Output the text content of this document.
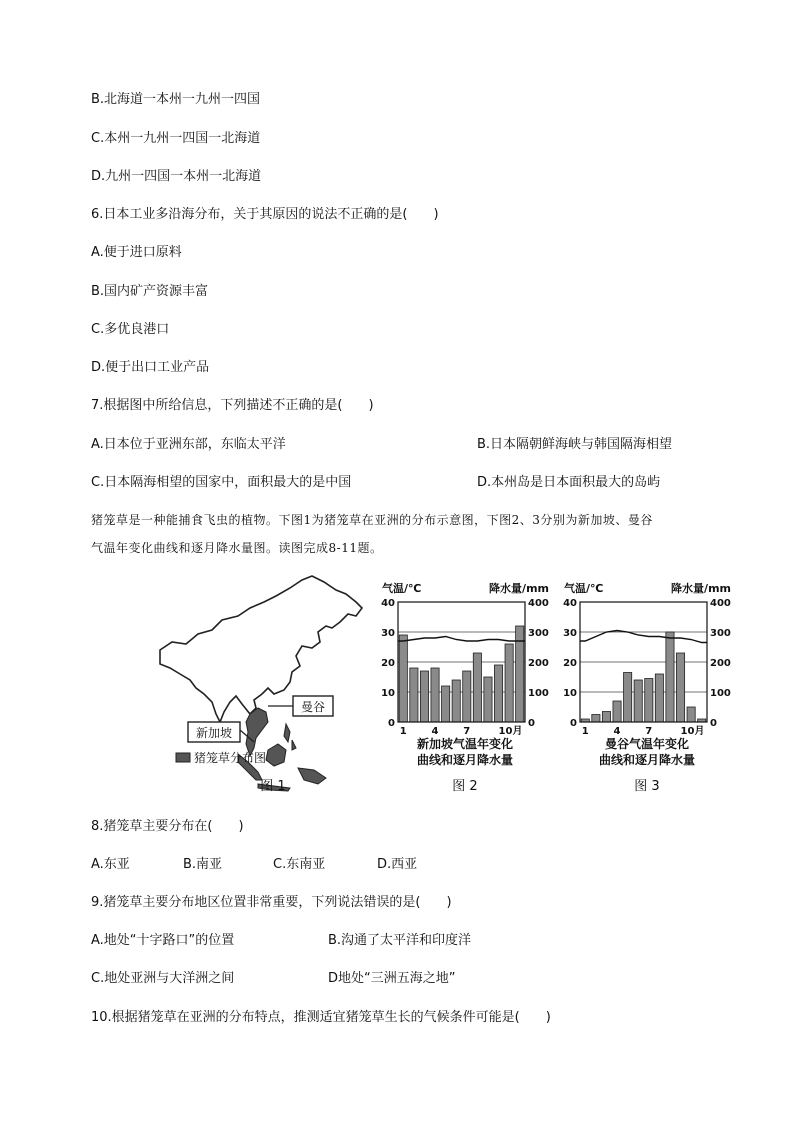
B.北海道一本州一九州一四国
C.本州一九州一四国一北海道
D.九州一四国一本州一北海道
6.日本工业多沿海分布，关于其原因的说法不正确的是(　　)
A.便于进口原料
B.国内矿产资源丰富
C.多优良港口
D.便于出口工业产品
7.根据图中所给信息，下列描述不正确的是(　　)
A.日本位于亚洲东部，东临太平洋	B.日本隔朝鲜海峡与韩国隔海相望
C.日本隔海相望的国家中，面积最大的是中国	D.本州岛是日本面积最大的岛屿
猪笼草是一种能捕食飞虫的植物。下图1为猪笼草在亚洲的分布示意图，下图2、3分别为新加坡、曼谷
气温年变化曲线和逐月降水量图。读图完成8-11题。
曼谷
新加坡
猪笼草分布图
图 1
气温/℃	降水量/mm
40
30
20
10
0
400
300
200
100
0
1 4 7	10月
新加坡气温年变化
曲线和逐月降水量
图 2
气温/℃	降水量/mm
40
30
20
10
0
400
300
200
100
0
1 4 7	10月
曼谷气温年变化
曲线和逐月降水量
图 3
8.猪笼草主要分布在(　　)
A.东亚	B.南亚	C.东南亚	D.西亚
9.猪笼草主要分布地区位置非常重要，下列说法错误的是(　　)
A.地处“十字路口”的位置	B.沟通了太平洋和印度洋
C.地处亚洲与大洋洲之间	D地处“三洲五海之地”
10.根据猪笼草在亚洲的分布特点，推测适宜猪笼草生长的气候条件可能是(　　)
